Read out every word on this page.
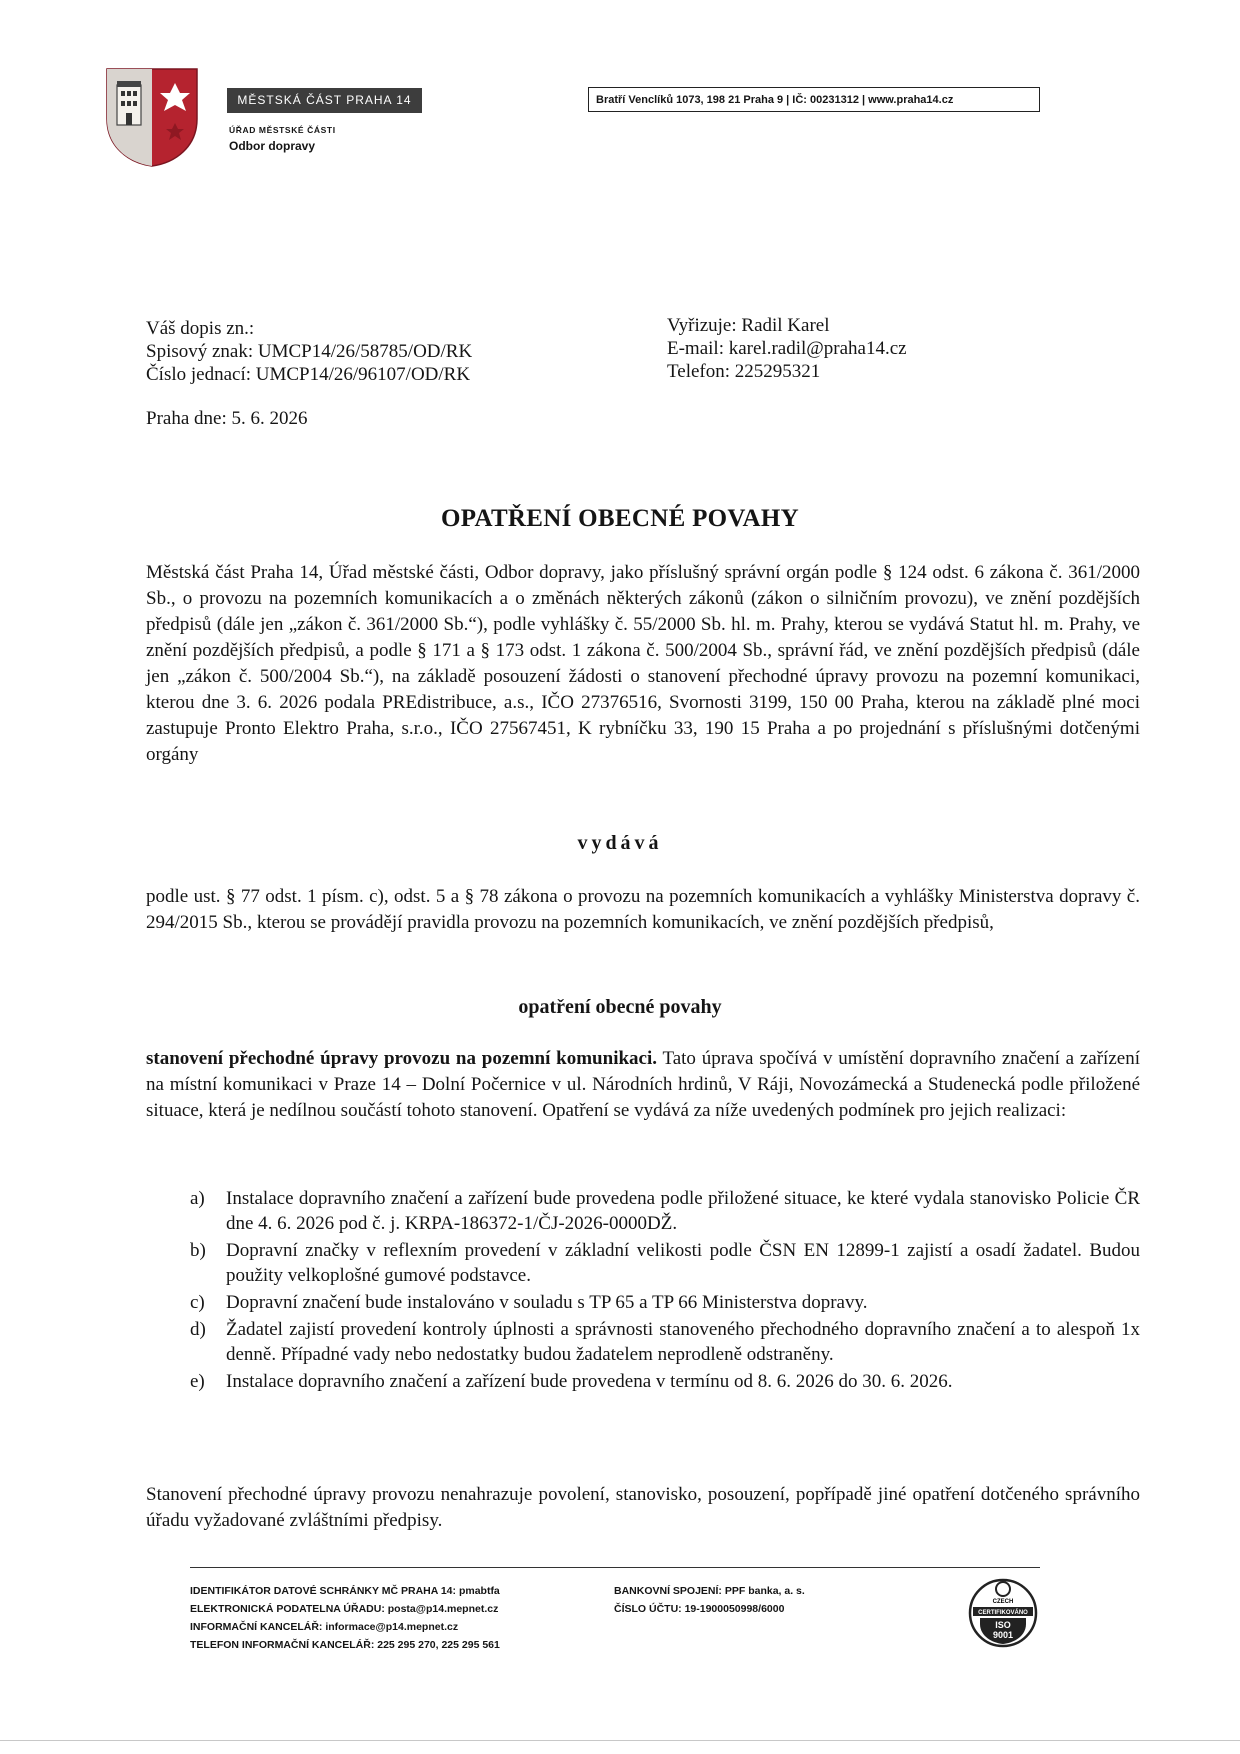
MĚSTSKÁ ČÁST PRAHA 14
ÚŘAD MĚSTSKÉ ČÁSTI
Odbor dopravy
Bratří Venclíků 1073, 198 21 Praha 9 | IČ: 00231312 | www.praha14.cz
Váš dopis zn.:
Spisový znak: UMCP14/26/58785/OD/RK
Číslo jednací: UMCP14/26/96107/OD/RK
Vyřizuje: Radil Karel
E-mail: karel.radil@praha14.cz
Telefon: 225295321
Praha dne: 5. 6. 2026
OPATŘENÍ OBECNÉ POVAHY
Městská část Praha 14, Úřad městské části, Odbor dopravy, jako příslušný správní orgán podle § 124 odst. 6 zákona č. 361/2000 Sb., o provozu na pozemních komunikacích a o změnách některých zákonů (zákon o silničním provozu), ve znění pozdějších předpisů (dále jen „zákon č. 361/2000 Sb.“), podle vyhlášky č. 55/2000 Sb. hl. m. Prahy, kterou se vydává Statut hl. m. Prahy, ve znění pozdějších předpisů, a podle § 171 a § 173 odst. 1 zákona č. 500/2004 Sb., správní řád, ve znění pozdějších předpisů (dále jen „zákon č. 500/2004 Sb.“), na základě posouzení žádosti o stanovení přechodné úpravy provozu na pozemní komunikaci, kterou dne 3. 6. 2026 podala PREdistribuce, a.s., IČO 27376516, Svornosti 3199, 150 00 Praha, kterou na základě plné moci zastupuje Pronto Elektro Praha, s.r.o., IČO 27567451, K rybníčku 33, 190 15 Praha a po projednání s příslušnými dotčenými orgány
vydává
podle ust. § 77 odst. 1 písm. c), odst. 5 a § 78 zákona o provozu na pozemních komunikacích a vyhlášky Ministerstva dopravy č. 294/2015 Sb., kterou se provádějí pravidla provozu na pozemních komunikacích, ve znění pozdějších předpisů,
opatření obecné povahy
stanovení přechodné úpravy provozu na pozemní komunikaci. Tato úprava spočívá v umístění dopravního značení a zařízení na místní komunikaci v Praze 14 – Dolní Počernice v ul. Národních hrdinů, V Ráji, Novozámecká a Studenecká podle přiložené situace, která je nedílnou součástí tohoto stanovení. Opatření se vydává za níže uvedených podmínek pro jejich realizaci:
a) Instalace dopravního značení a zařízení bude provedena podle přiložené situace, ke které vydala stanovisko Policie ČR dne 4. 6. 2026 pod č. j. KRPA-186372-1/ČJ-2026-0000DŽ.
b) Dopravní značky v reflexním provedení v základní velikosti podle ČSN EN 12899-1 zajistí a osadí žadatel. Budou použity velkoplošné gumové podstavce.
c) Dopravní značení bude instalováno v souladu s TP 65 a TP 66 Ministerstva dopravy.
d) Žadatel zajistí provedení kontroly úplnosti a správnosti stanoveného přechodného dopravního značení a to alespoň 1x denně. Případné vady nebo nedostatky budou žadatelem neprodleně odstraněny.
e) Instalace dopravního značení a zařízení bude provedena v termínu od 8. 6. 2026 do 30. 6. 2026.
Stanovení přechodné úpravy provozu nenahrazuje povolení, stanovisko, posouzení, popřípadě jiné opatření dotčeného správního úřadu vyžadované zvláštními předpisy.
IDENTIFIKÁTOR DATOVÉ SCHRÁNKY MČ PRAHA 14: pmabtfa
ELEKTRONICKÁ PODATELNA ÚŘADU: posta@p14.mepnet.cz
INFORMAČNÍ KANCELÁŘ: informace@p14.mepnet.cz
TELEFON INFORMAČNÍ KANCELÁŘ: 225 295 270, 225 295 561
BANKOVNÍ SPOJENÍ: PPF banka, a. s.
ČÍSLO ÚČTU: 19-1900050998/6000
CZECH
CERTIFIKOVÁNO
ISO
9001
